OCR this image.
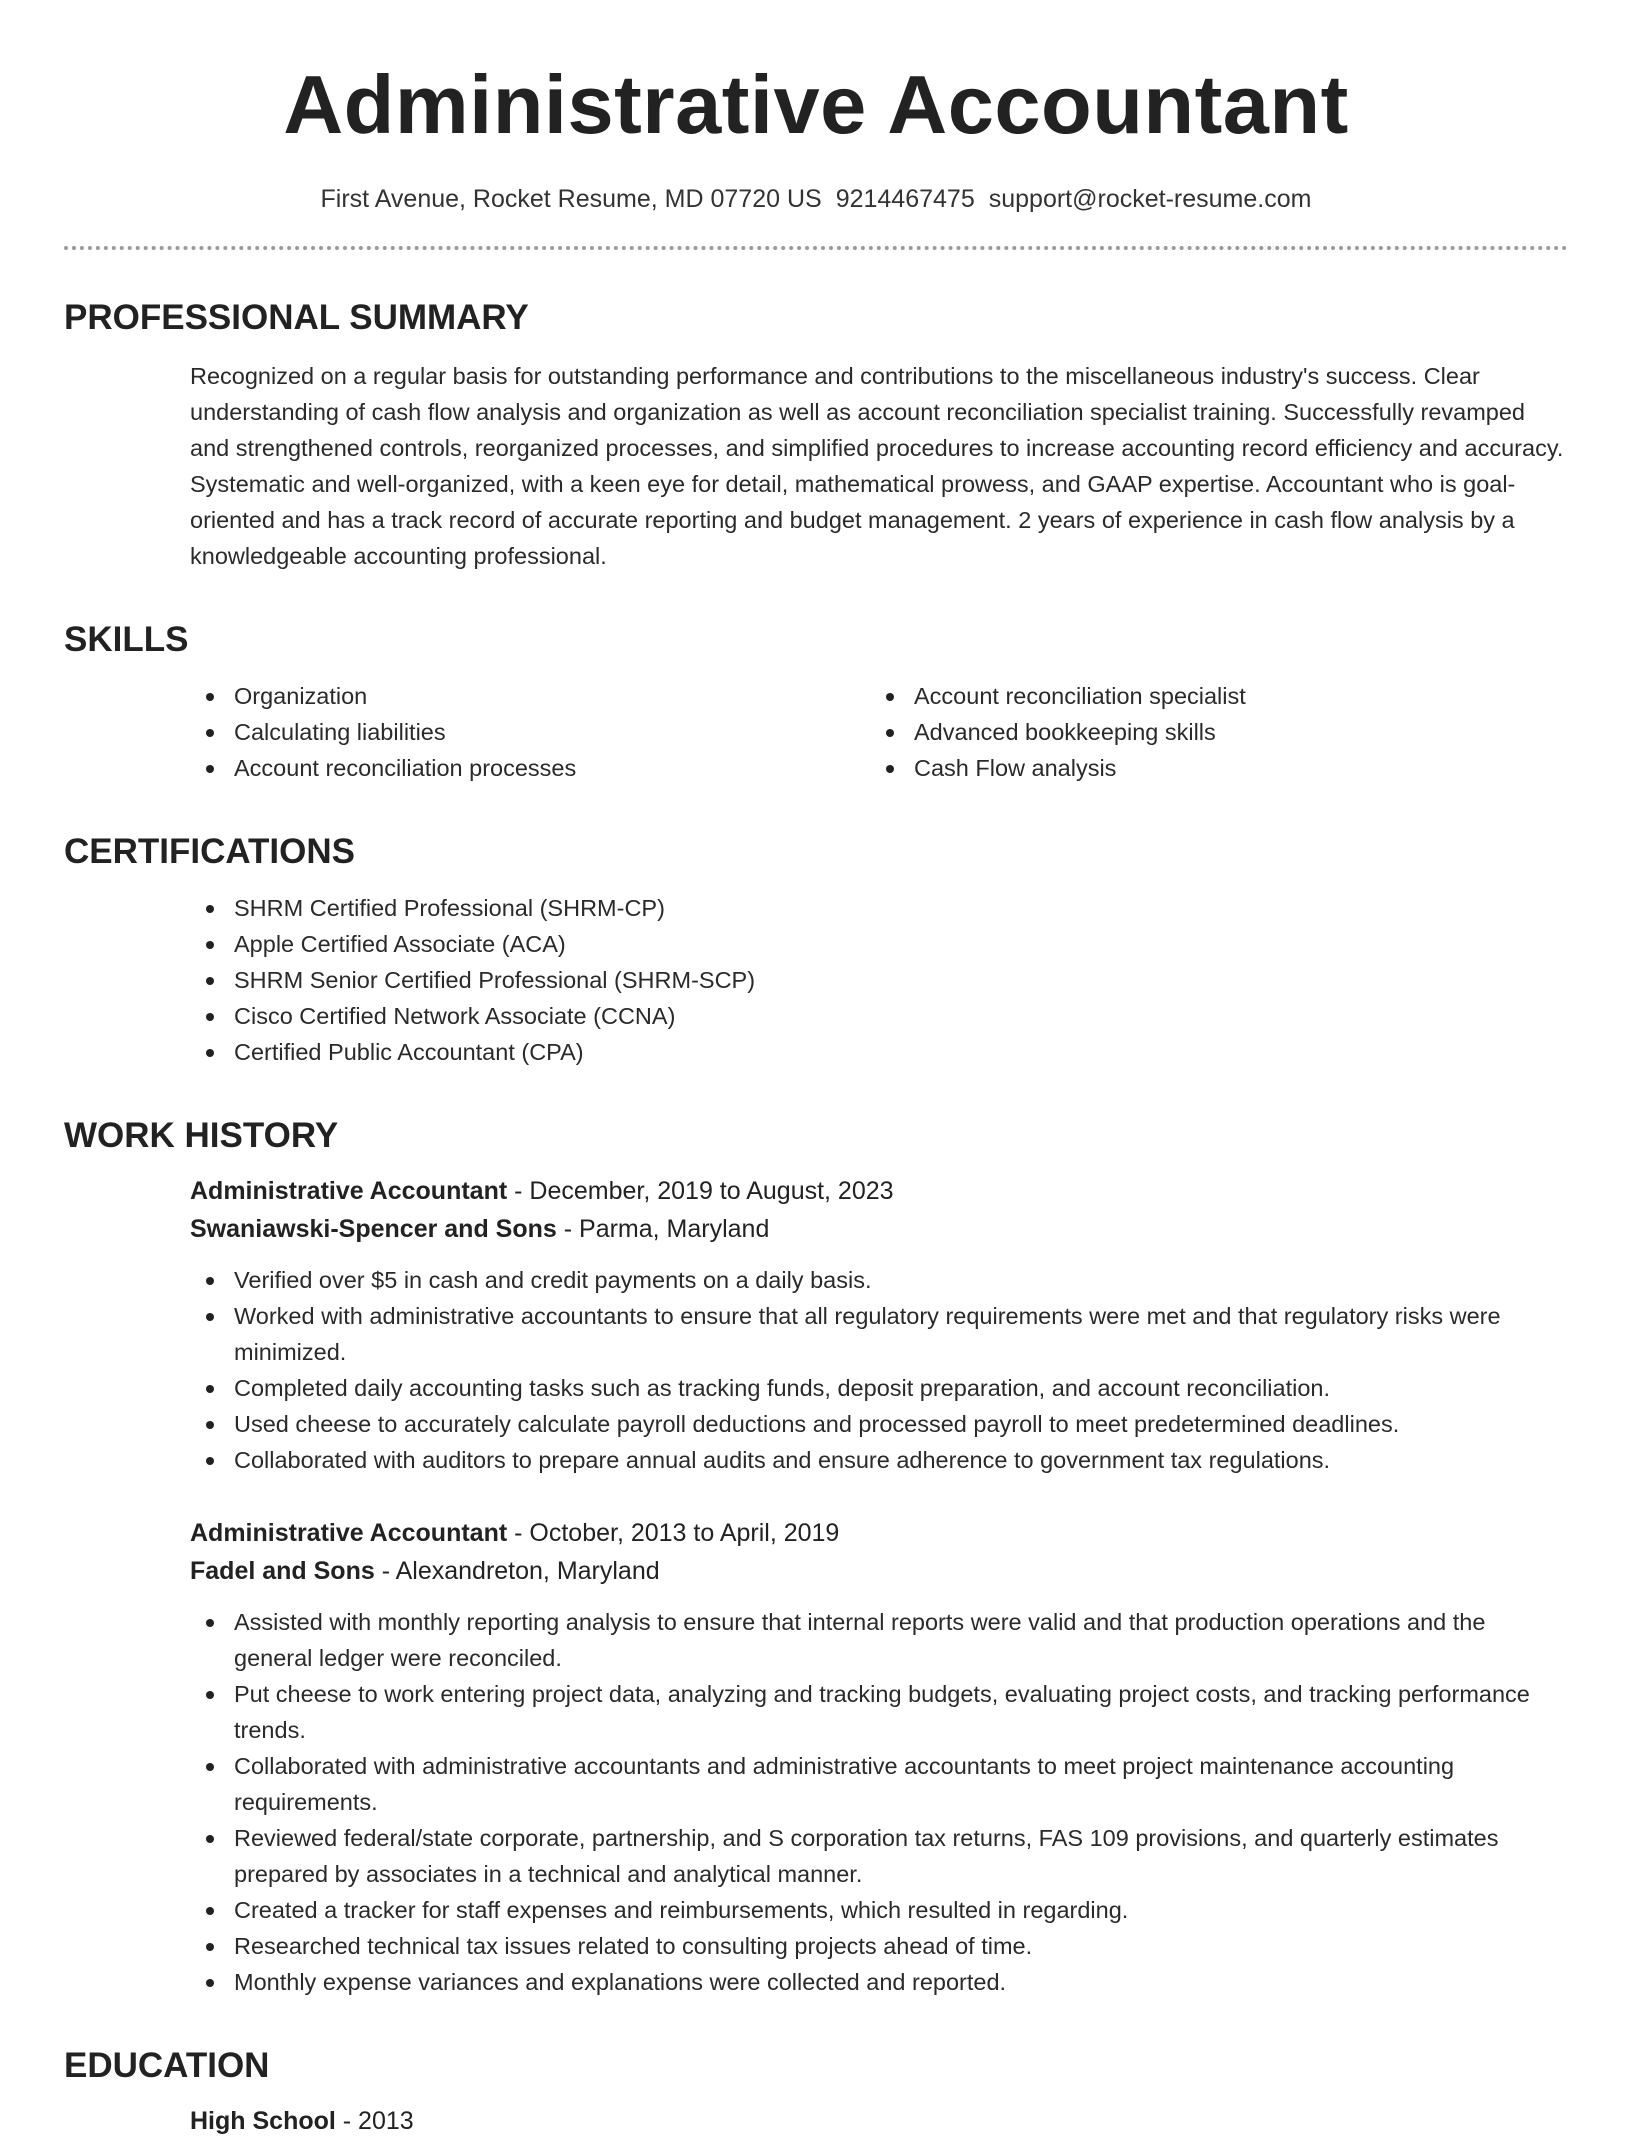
Administrative Accountant
First Avenue, Rocket Resume, MD 07720 US 9214467475 support@rocket-resume.com
PROFESSIONAL SUMMARY

Recognized on a regular basis for outstanding performance and contributions to the miscellaneous industry's success. Clear understanding of cash flow analysis and organization as well as account reconciliation specialist training. Successfully revamped and strengthened controls, reorganized processes, and simplified procedures to increase accounting record efficiency and accuracy. Systematic and well-organized, with a keen eye for detail, mathematical prowess, and GAAP expertise. Accountant who is goal-oriented and has a track record of accurate reporting and budget management. 2 years of experience in cash flow analysis by a knowledgeable accounting professional.

SKILLS
Organization
Calculating liabilities
Account reconciliation processes
Account reconciliation specialist
Advanced bookkeeping skills
Cash Flow analysis
CERTIFICATIONS
SHRM Certified Professional (SHRM-CP)
Apple Certified Associate (ACA)
SHRM Senior Certified Professional (SHRM-SCP)
Cisco Certified Network Associate (CCNA)
Certified Public Accountant (CPA)
WORK HISTORY
Administrative Accountant - December, 2019 to August, 2023
Swaniawski-Spencer and Sons - Parma, Maryland
Verified over $5 in cash and credit payments on a daily basis.
Worked with administrative accountants to ensure that all regulatory requirements were met and that regulatory risks were minimized.
Completed daily accounting tasks such as tracking funds, deposit preparation, and account reconciliation.
Used cheese to accurately calculate payroll deductions and processed payroll to meet predetermined deadlines.
Collaborated with auditors to prepare annual audits and ensure adherence to government tax regulations.
Administrative Accountant - October, 2013 to April, 2019
Fadel and Sons - Alexandreton, Maryland
Assisted with monthly reporting analysis to ensure that internal reports were valid and that production operations and the general ledger were reconciled.
Put cheese to work entering project data, analyzing and tracking budgets, evaluating project costs, and tracking performance trends.
Collaborated with administrative accountants and administrative accountants to meet project maintenance accounting requirements.
Reviewed federal/state corporate, partnership, and S corporation tax returns, FAS 109 provisions, and quarterly estimates prepared by associates in a technical and analytical manner.
Created a tracker for staff expenses and reimbursements, which resulted in regarding.
Researched technical tax issues related to consulting projects ahead of time.
Monthly expense variances and explanations were collected and reported.
EDUCATION
High School - 2013
